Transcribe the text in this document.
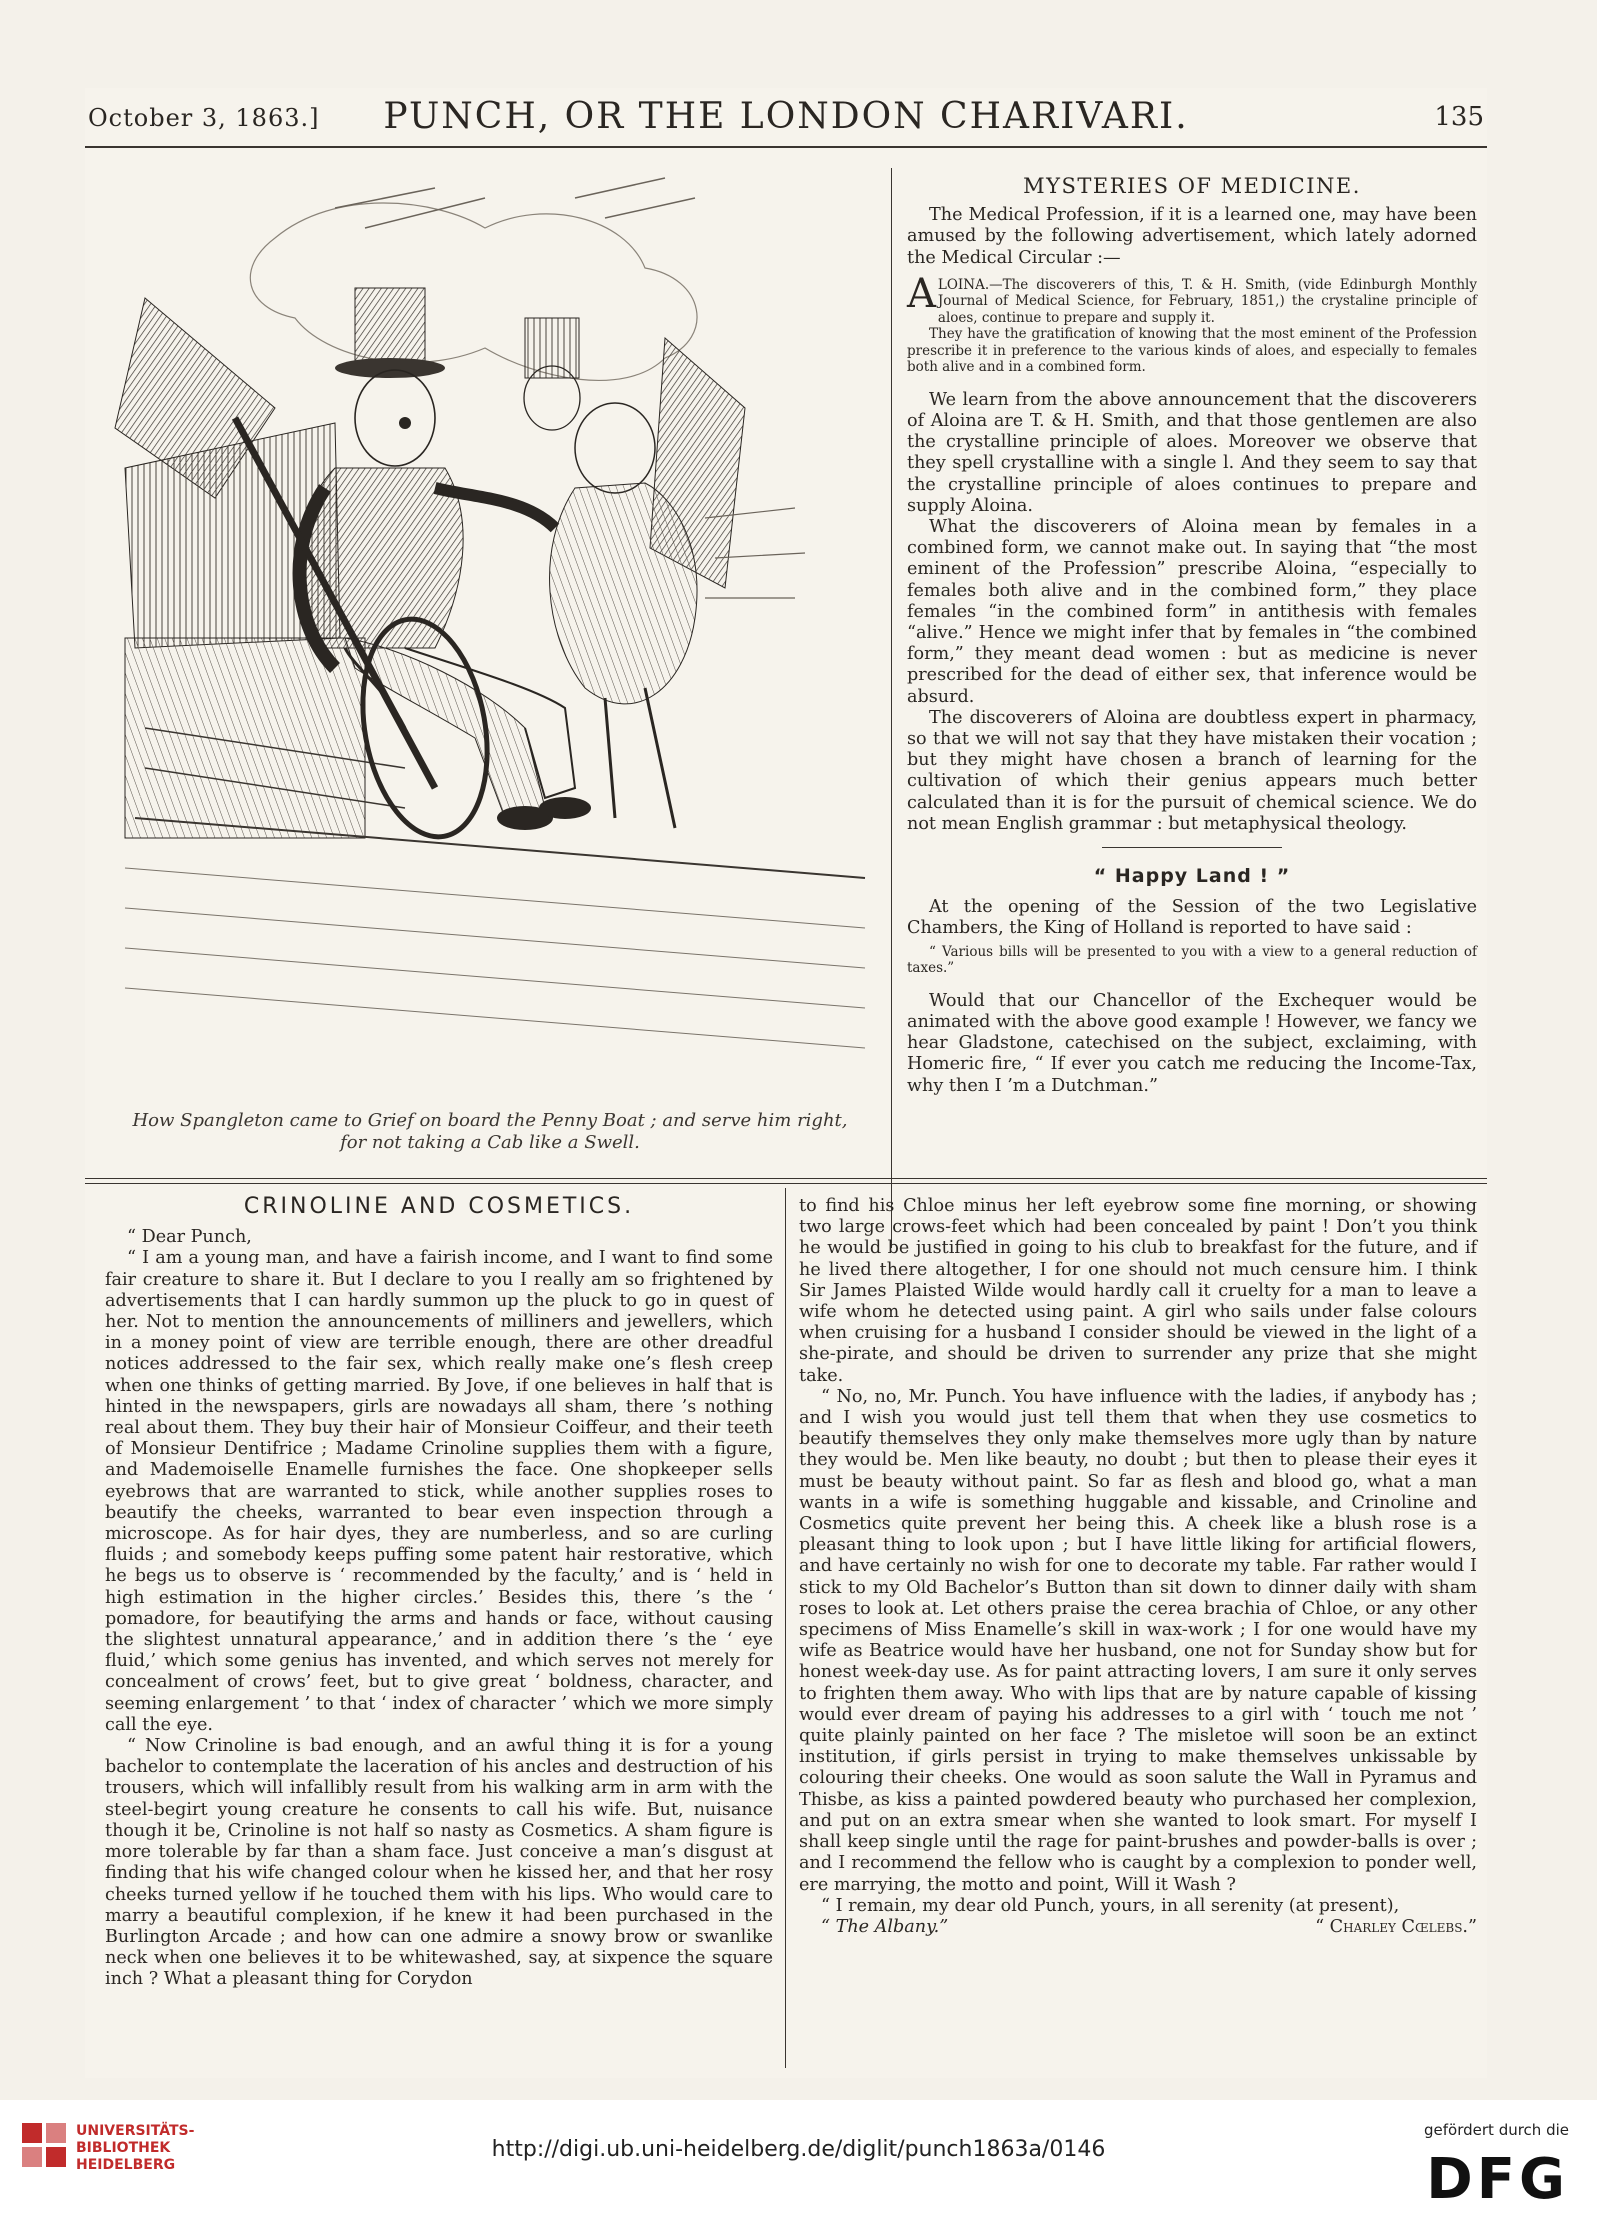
October 3, 1863.]	PUNCH, OR THE LONDON CHARIVARI.	135
How Spangleton came to Grief on board the Penny Boat ; and serve him right,
for not taking a Cab like a Swell.
MYSTERIES OF MEDICINE.

The Medical Profession, if it is a learned one, may have been amused by the following advertisement, which lately adorned the Medical Circular :—

A LOINA.—The discoverers of this, T. & H. Smith, (vide Edinburgh Monthly Journal of Medical Science, for February, 1851,) the crystaline principle of aloes, continue to prepare and supply it.
They have the gratification of knowing that the most eminent of the Profession prescribe it in preference to the various kinds of aloes, and especially to females both alive and in a combined form.

We learn from the above announcement that the discoverers of Aloina are T. & H. Smith, and that those gentlemen are also the crystalline principle of aloes. Moreover we observe that they spell crystalline with a single l. And they seem to say that the crystalline principle of aloes continues to prepare and supply Aloina.

What the discoverers of Aloina mean by females in a combined form, we cannot make out. In saying that “the most eminent of the Profession” prescribe Aloina, “especially to females both alive and in the combined form,” they place females “in the combined form” in antithesis with females “alive.” Hence we might infer that by females in “the combined form,” they meant dead women : but as medicine is never prescribed for the dead of either sex, that inference would be absurd.

The discoverers of Aloina are doubtless expert in pharmacy, so that we will not say that they have mistaken their vocation ; but they might have chosen a branch of learning for the cultivation of which their genius appears much better calculated than it is for the pursuit of chemical science. We do not mean English grammar : but metaphysical theology.

“ Happy Land ! ”

At the opening of the Session of the two Legislative Chambers, the King of Holland is reported to have said :

“ Various bills will be presented to you with a view to a general reduction of taxes.”

Would that our Chancellor of the Exchequer would be animated with the above good example ! However, we fancy we hear Gladstone, catechised on the subject, exclaiming, with Homeric fire, “ If ever you catch me reducing the Income-Tax, why then I ’m a Dutchman.”

CRINOLINE AND COSMETICS.

“ Dear Punch,

“ I am a young man, and have a fairish income, and I want to find some fair creature to share it. But I declare to you I really am so frightened by advertisements that I can hardly summon up the pluck to go in quest of her. Not to mention the announcements of milliners and jewellers, which in a money point of view are terrible enough, there are other dreadful notices addressed to the fair sex, which really make one’s flesh creep when one thinks of getting married. By Jove, if one believes in half that is hinted in the newspapers, girls are nowadays all sham, there ’s nothing real about them. They buy their hair of Monsieur Coiffeur, and their teeth of Monsieur Dentifrice ; Madame Crinoline supplies them with a figure, and Mademoiselle Enamelle furnishes the face. One shopkeeper sells eyebrows that are warranted to stick, while another supplies roses to beautify the cheeks, warranted to bear even inspection through a microscope. As for hair dyes, they are numberless, and so are curling fluids ; and somebody keeps puffing some patent hair restorative, which he begs us to observe is ‘ recommended by the faculty,’ and is ‘ held in high estimation in the higher circles.’ Besides this, there ’s the ‘ pomadore, for beautifying the arms and hands or face, without causing the slightest unnatural appearance,’ and in addition there ’s the ‘ eye fluid,’ which some genius has invented, and which serves not merely for concealment of crows’ feet, but to give great ‘ boldness, character, and seeming enlargement ’ to that ‘ index of character ’ which we more simply call the eye.

“ Now Crinoline is bad enough, and an awful thing it is for a young bachelor to contemplate the laceration of his ancles and destruction of his trousers, which will infallibly result from his walking arm in arm with the steel-begirt young creature he consents to call his wife. But, nuisance though it be, Crinoline is not half so nasty as Cosmetics. A sham figure is more tolerable by far than a sham face. Just conceive a man’s disgust at finding that his wife changed colour when he kissed her, and that her rosy cheeks turned yellow if he touched them with his lips. Who would care to marry a beautiful complexion, if he knew it had been purchased in the Burlington Arcade ; and how can one admire a snowy brow or swanlike neck when one believes it to be whitewashed, say, at sixpence the square inch ? What a pleasant thing for Corydon

to find his Chloe minus her left eyebrow some fine morning, or showing two large crows-feet which had been concealed by paint ! Don’t you think he would be justified in going to his club to breakfast for the future, and if he lived there altogether, I for one should not much censure him. I think Sir James Plaisted Wilde would hardly call it cruelty for a man to leave a wife whom he detected using paint. A girl who sails under false colours when cruising for a husband I consider should be viewed in the light of a she-pirate, and should be driven to surrender any prize that she might take.

“ No, no, Mr. Punch. You have influence with the ladies, if anybody has ; and I wish you would just tell them that when they use cosmetics to beautify themselves they only make themselves more ugly than by nature they would be. Men like beauty, no doubt ; but then to please their eyes it must be beauty without paint. So far as flesh and blood go, what a man wants in a wife is something huggable and kissable, and Crinoline and Cosmetics quite prevent her being this. A cheek like a blush rose is a pleasant thing to look upon ; but I have little liking for artificial flowers, and have certainly no wish for one to decorate my table. Far rather would I stick to my Old Bachelor’s Button than sit down to dinner daily with sham roses to look at. Let others praise the cerea brachia of Chloe, or any other specimens of Miss Enamelle’s skill in wax-work ; I for one would have my wife as Beatrice would have her husband, one not for Sunday show but for honest week-day use. As for paint attracting lovers, I am sure it only serves to frighten them away. Who with lips that are by nature capable of kissing would ever dream of paying his addresses to a girl with ‘ touch me not ’ quite plainly painted on her face ? The misletoe will soon be an extinct institution, if girls persist in trying to make themselves unkissable by colouring their cheeks. One would as soon salute the Wall in Pyramus and Thisbe, as kiss a painted powdered beauty who purchased her complexion, and put on an extra smear when she wanted to look smart. For myself I shall keep single until the rage for paint-brushes and powder-balls is over ; and I recommend the fellow who is caught by a complexion to ponder well, ere marrying, the motto and point, Will it Wash ?

“ I remain, my dear old Punch, yours, in all serenity (at present),

“ The Albany.”	“ Charley Cœlebs.”
UNIVERSITÄTS-
BIBLIOTHEK
HEIDELBERG
http://digi.ub.uni-heidelberg.de/diglit/punch1863a/0146
gefördert durch die
DFG
